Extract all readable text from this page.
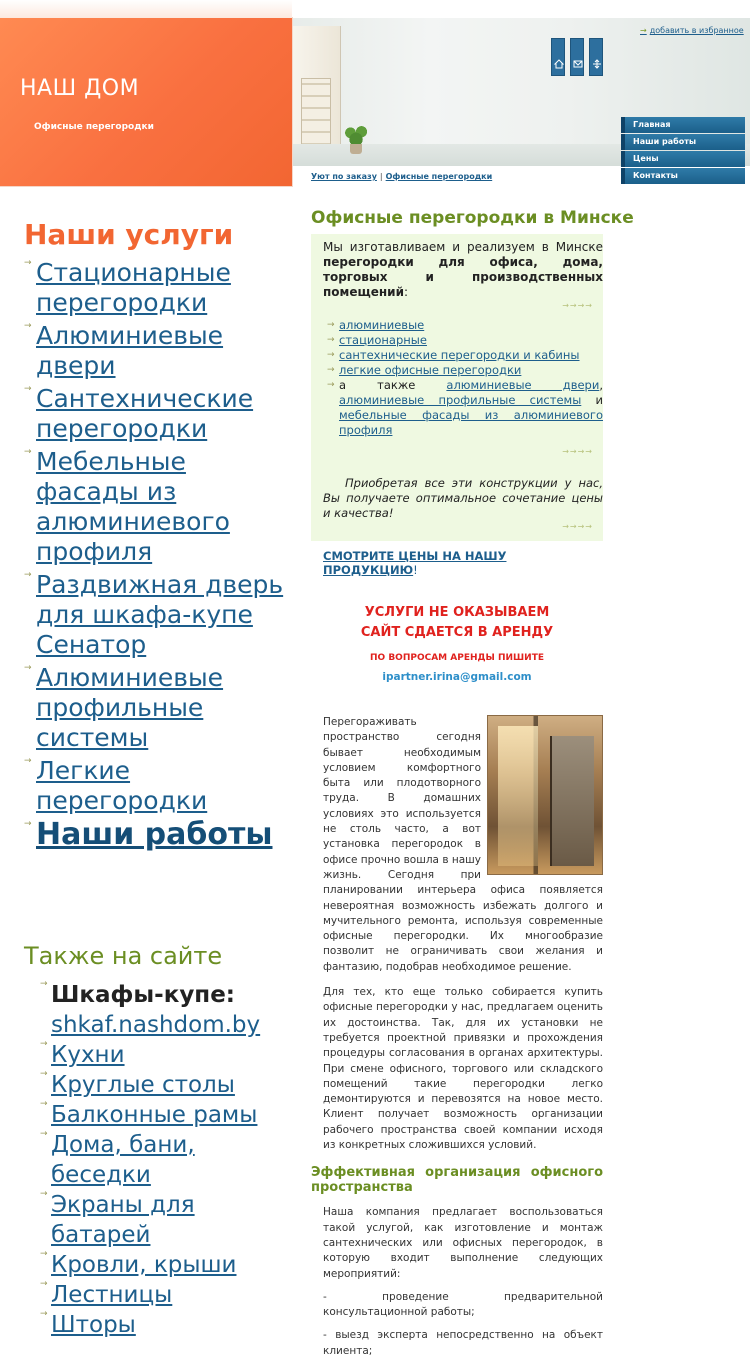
НАШ ДОМ
Офисные перегородки
→ добавить в избранное
Главная
Наши работы
Цены
Контакты
Уют по заказу | Офисные перегородки
Наши услуги
→ Стационарные перегородки
→ Алюминиевые двери
→ Сантехнические перегородки
→ Мебельные фасады из алюминиевого профиля
→ Раздвижная дверь для шкафа-купе Сенатор
→ Алюминиевые профильные системы
→ Легкие перегородки
→ Наши работы
Также на сайте
→ Шкафы-купе:
shkaf.nashdom.by
→ Кухни
→ Круглые столы
→ Балконные рамы
→ Дома, бани, беседки
→ Экраны для батарей
→ Кровли, крыши
→ Лестницы
→ Шторы
Офисные перегородки в Минске

Мы изготавливаем и реализуем в Минске перегородки для офиса, дома, торговых и производственных помещений:

→→→→
→ алюминиевые
→ стационарные
→ сантехнические перегородки и кабины
→ легкие офисные перегородки
→ а также алюминиевые двери, алюминиевые профильные системы и мебельные фасады из алюминиевого профиля
→→→→

Приобретая все эти конструкции у нас, Вы получаете оптимальное сочетание цены и качества!

→→→→
СМОТРИТЕ ЦЕНЫ НА НАШУ ПРОДУКЦИЮ!
УСЛУГИ НЕ ОКАЗЫВАЕМ
САЙТ СДАЕТСЯ В АРЕНДУ
ПО ВОПРОСАМ АРЕНДЫ ПИШИТЕ
ipartner.irina@gmail.com

Перегораживать пространство сегодня бывает необходимым условием комфортного быта или плодотворного труда. В домашних условиях это используется не столь часто, а вот установка перегородок в офисе прочно вошла в нашу жизнь. Сегодня при планировании интерьера офиса появляется невероятная возможность избежать долгого и мучительного ремонта, используя современные офисные перегородки. Их многообразие позволит не ограничивать свои желания и фантазию, подобрав необходимое решение.

Для тех, кто еще только собирается купить офисные перегородки у нас, предлагаем оценить их достоинства. Так, для их установки не требуется проектной привязки и прохождения процедуры согласования в органах архитектуры. При смене офисного, торгового или складского помещений такие перегородки легко демонтируются и перевозятся на новое место. Клиент получает возможность организации рабочего пространства своей компании исходя из конкретных сложившихся условий.

Эффективная организация офисного пространства

Наша компания предлагает воспользоваться такой услугой, как изготовление и монтаж сантехнических или офисных перегородок, в которую входит выполнение следующих мероприятий:

- проведение предварительной консультационной работы;

- выезд эксперта непосредственно на объект клиента;
